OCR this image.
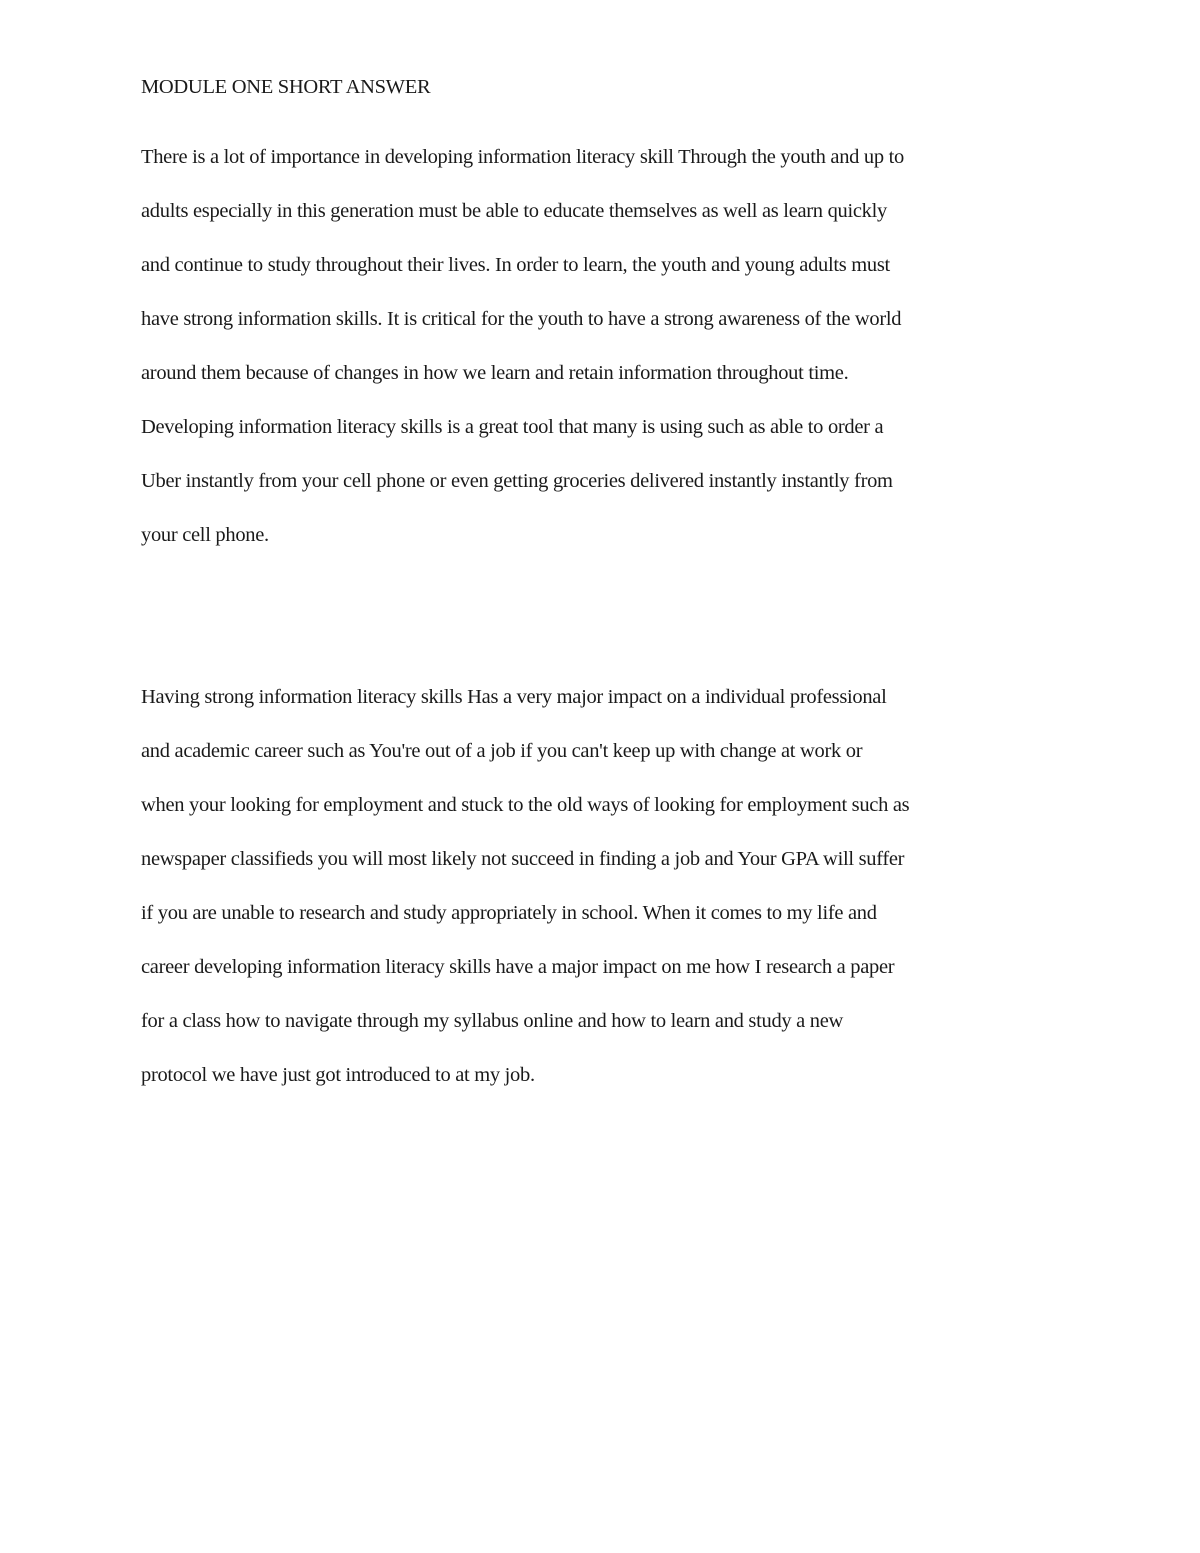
MODULE ONE SHORT ANSWER
There is a lot of importance in developing information literacy skill Through the youth and up to
adults especially in this generation must be able to educate themselves as well as learn quickly
and continue to study throughout their lives. In order to learn, the youth and young adults must
have strong information skills. It is critical for the youth to have a strong awareness of the world
around them because of changes in how we learn and retain information throughout time.
Developing information literacy skills is a great tool that many is using such as able to order a
Uber instantly from your cell phone or even getting groceries delivered instantly instantly from
your cell phone.
Having strong information literacy skills Has a very major impact on a individual professional
and academic career such as You're out of a job if you can't keep up with change at work or
when your looking for employment and stuck to the old ways of looking for employment such as
newspaper classifieds you will most likely not succeed in finding a job and Your GPA will suffer
if you are unable to research and study appropriately in school. When it comes to my life and
career developing information literacy skills have a major impact on me how I research a paper
for a class how to navigate through my syllabus online and how to learn and study a new
protocol we have just got introduced to at my job.
